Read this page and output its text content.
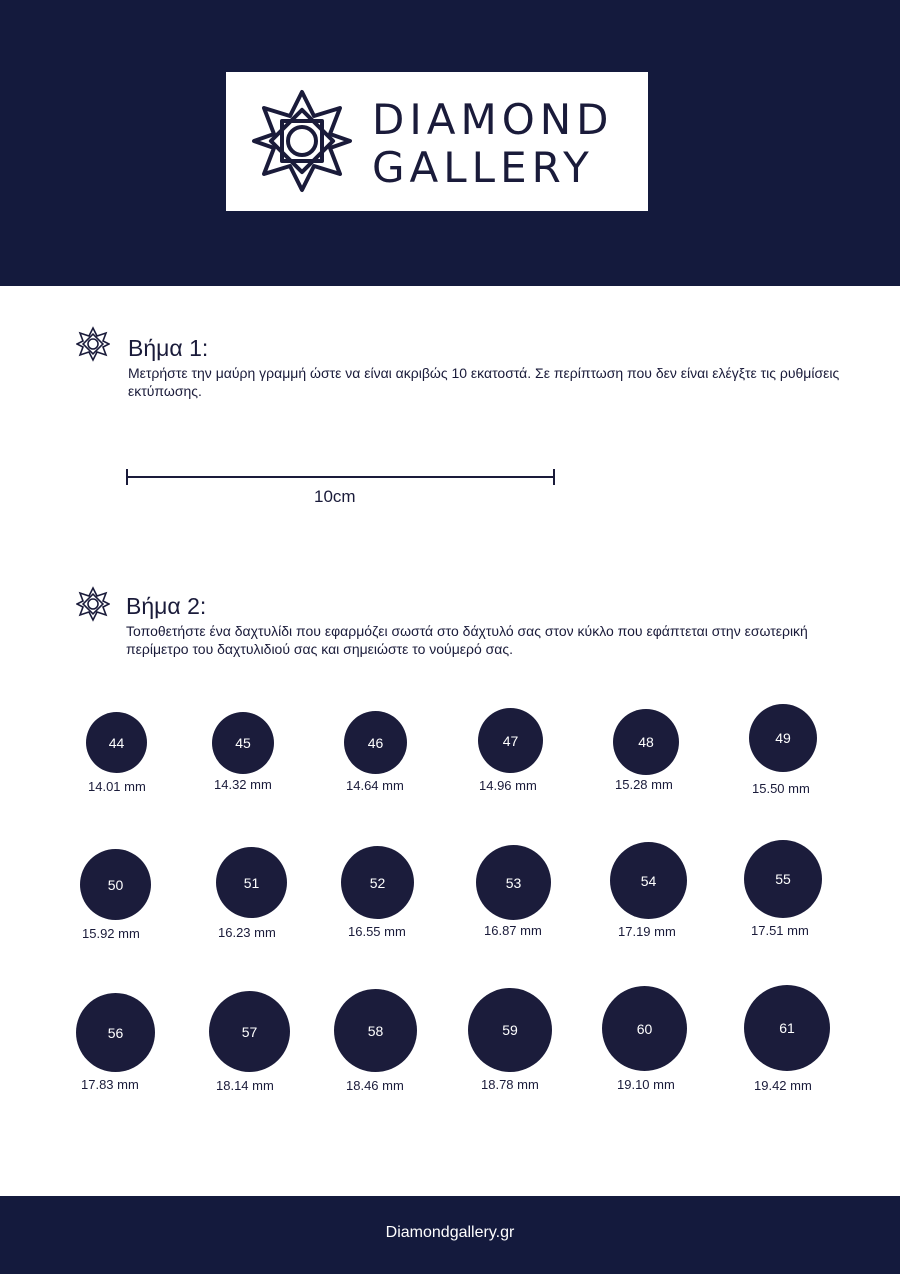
DIAMOND
GALLERY
Βήμα 1:
Μετρήστε την μαύρη γραμμή ώστε να είναι ακριβώς 10 εκατοστά. Σε περίπτωση που δεν είναι ελέγξτε τις ρυθμίσεις εκτύπωσης.
10cm
Βήμα 2:
Τοποθετήστε ένα δαχτυλίδι που εφαρμόζει σωστά στο δάχτυλό σας στον κύκλο που εφάπτεται στην εσωτερική περίμετρο του δαχτυλιδιού σας και σημειώστε το νούμερό σας.
44
14.01 mm
45
14.32 mm
46
14.64 mm
47
14.96 mm
48
15.28 mm
49
15.50 mm
50
15.92 mm
51
16.23 mm
52
16.55 mm
53
16.87 mm
54
17.19 mm
55
17.51 mm
56
17.83 mm
57
18.14 mm
58
18.46 mm
59
18.78 mm
60
19.10 mm
61
19.42 mm
Diamondgallery.gr
